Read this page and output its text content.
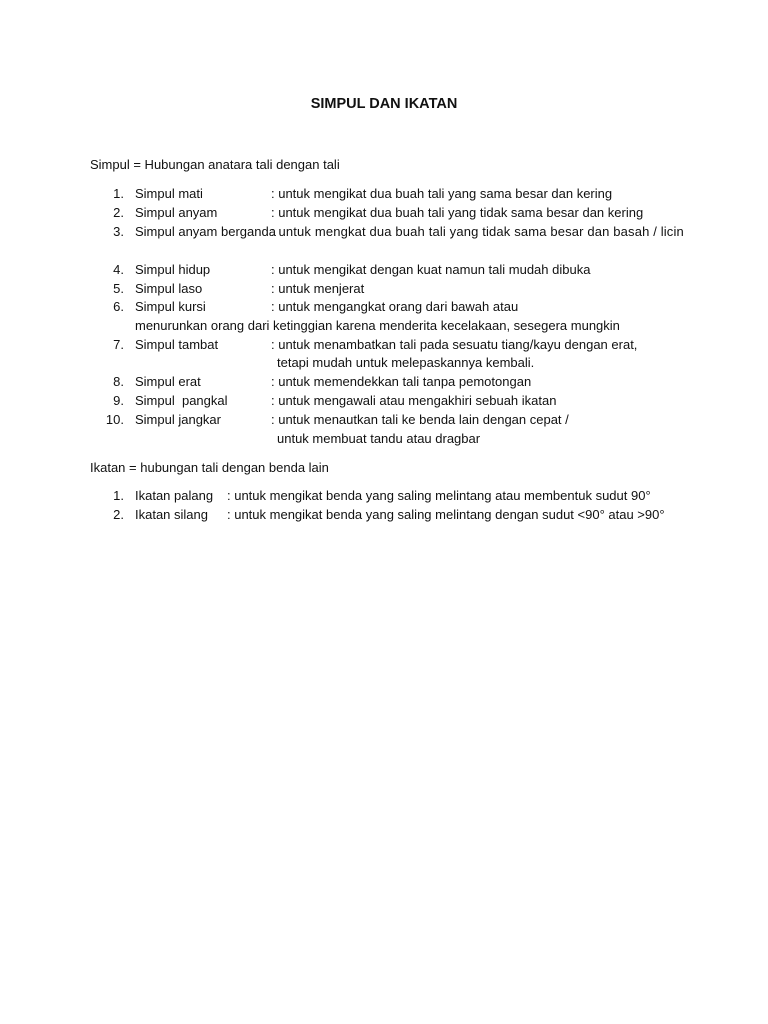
SIMPUL DAN IKATAN
Simpul = Hubungan anatara tali dengan tali
1. Simpul mati	: untuk mengikat dua buah tali yang sama besar dan kering
2. Simpul anyam	: untuk mengikat dua buah tali yang tidak sama besar dan kering
3. Simpul anyam berganda
: untuk mengkat dua buah tali yang tidak sama besar dan basah / licin
4. Simpul hidup	: untuk mengikat dengan kuat namun tali mudah dibuka
5. Simpul laso	: untuk menjerat
6. Simpul kursi	: untuk mengangkat orang dari bawah atau
menurunkan orang dari ketinggian karena menderita kecelakaan, sesegera mungkin
7. Simpul tambat	: untuk menambatkan tali pada sesuatu tiang/kayu dengan erat,
tetapi mudah untuk melepaskannya kembali.
8. Simpul erat	: untuk memendekkan tali tanpa pemotongan
9. Simpul  pangkal	: untuk mengawali atau mengakhiri sebuah ikatan
10. Simpul jangkar	: untuk menautkan tali ke benda lain dengan cepat /
untuk membuat tandu atau dragbar
Ikatan = hubungan tali dengan benda lain
1. Ikatan palang : untuk mengikat benda yang saling melintang atau membentuk sudut 90°
2. Ikatan silang : untuk mengikat benda yang saling melintang dengan sudut <90° atau >90°
